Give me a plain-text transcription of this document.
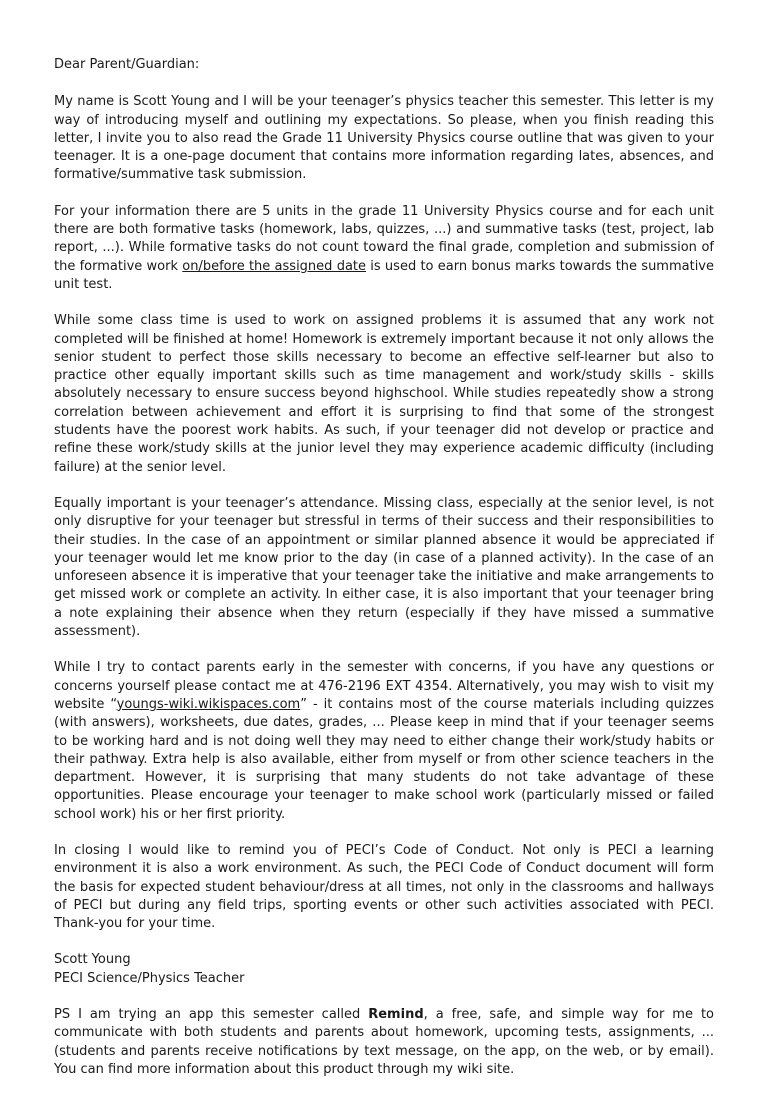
Dear Parent/Guardian:

My name is Scott Young and I will be your teenager’s physics teacher this semester. This letter is my way of introducing myself and outlining my expectations. So please, when you finish reading this letter, I invite you to also read the Grade 11 University Physics course outline that was given to your teenager. It is a one-page document that contains more information regarding lates, absences, and formative/summative task submission.

For your information there are 5 units in the grade 11 University Physics course and for each unit there are both formative tasks (homework, labs, quizzes, ...) and summative tasks (test, project, lab report, ...). While formative tasks do not count toward the final grade, completion and submission of the formative work on/before the assigned date is used to earn bonus marks towards the summative unit test.

While some class time is used to work on assigned problems it is assumed that any work not completed will be finished at home! Homework is extremely important because it not only allows the senior student to perfect those skills necessary to become an effective self-learner but also to practice other equally important skills such as time management and work/study skills - skills absolutely necessary to ensure success beyond highschool. While studies repeatedly show a strong correlation between achievement and effort it is surprising to find that some of the strongest students have the poorest work habits. As such, if your teenager did not develop or practice and refine these work/study skills at the junior level they may experience academic difficulty (including failure) at the senior level.

Equally important is your teenager’s attendance. Missing class, especially at the senior level, is not only disruptive for your teenager but stressful in terms of their success and their responsibilities to their studies. In the case of an appointment or similar planned absence it would be appreciated if your teenager would let me know prior to the day (in case of a planned activity). In the case of an unforeseen absence it is imperative that your teenager take the initiative and make arrangements to get missed work or complete an activity. In either case, it is also important that your teenager bring a note explaining their absence when they return (especially if they have missed a summative assessment).

While I try to contact parents early in the semester with concerns, if you have any questions or concerns yourself please contact me at 476-2196 EXT 4354. Alternatively, you may wish to visit my website “youngs-wiki.wikispaces.com” - it contains most of the course materials including quizzes (with answers), worksheets, due dates, grades, ... Please keep in mind that if your teenager seems to be working hard and is not doing well they may need to either change their work/study habits or their pathway. Extra help is also available, either from myself or from other science teachers in the department. However, it is surprising that many students do not take advantage of these opportunities. Please encourage your teenager to make school work (particularly missed or failed school work) his or her first priority.

In closing I would like to remind you of PECI’s Code of Conduct. Not only is PECI a learning environment it is also a work environment. As such, the PECI Code of Conduct document will form the basis for expected student behaviour/dress at all times, not only in the classrooms and hallways of PECI but during any field trips, sporting events or other such activities associated with PECI. Thank-you for your time.

Scott Young

PECI Science/Physics Teacher

PS I am trying an app this semester called Remind, a free, safe, and simple way for me to communicate with both students and parents about homework, upcoming tests, assignments, ... (students and parents receive notifications by text message, on the app, on the web, or by email). You can find more information about this product through my wiki site.
